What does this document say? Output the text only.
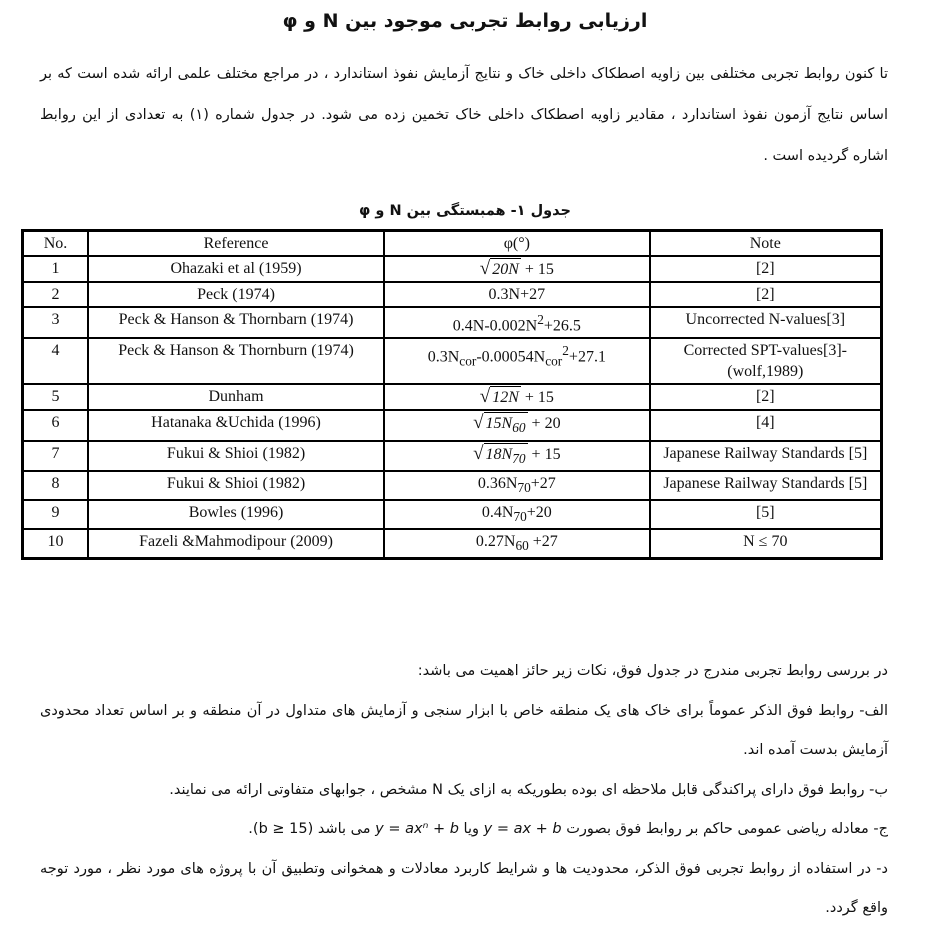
ارزیابی روابط تجربی موجود بین N و φ
تا کنون روابط تجربی مختلفی بین زاویه اصطکاک داخلی خاک و نتایج آزمایش نفوذ استاندارد ، در مراجع مختلف علمی ارائه شده است که بر اساس نتایج آزمون نفوذ استاندارد ، مقادیر زاویه اصطکاک داخلی خاک تخمین زده می شود. در جدول شماره (۱) به تعدادی از این روابط اشاره گردیده است .
جدول ۱- همبستگی بین N و φ
No.	Reference	φ(°)	Note
1	Ohazaki et al (1959)	√ 20N + 15	[2]
2	Peck (1974)	0.3N+27	[2]
3	Peck & Hanson & Thornbarn (1974)	$0.4N-0.002N^2+26.5$	Uncorrected N-values[3]
4	Peck & Hanson & Thornburn (1974)	$0.3N_{cor}-0.00054N_{cor}^2+27.1$	Corrected SPT-values[3]-(wolf,1989)
5	Dunham	√ 12N + 15	[2]
6	Hatanaka &Uchida (1996)	√ $15N_{60} + 20$	[4]
7	Fukui & Shioi (1982)	√ $18N_{70} + 15$	Japanese Railway Standards [5]
8	Fukui & Shioi (1982)	$0.36N_{70}+27$	Japanese Railway Standards [5]
9	Bowles (1996)	$0.4N_{70}+20$	[5]
10	Fazeli &Mahmodipour (2009)	$0.27N_{60} +27$	N ≤ 70
در بررسی روابط تجربی مندرج در جدول فوق، نکات زیر حائز اهمیت می باشد:
الف- روابط فوق الذکر عموماً برای خاک های یک منطقه خاص با ابزار سنجی و آزمایش های متداول در آن منطقه و بر اساس تعداد محدودی آزمایش بدست آمده اند.
ب- روابط فوق دارای پراکندگی قابل ملاحظه ای بوده بطوریکه به ازای یک N مشخص ، جوابهای متفاوتی ارائه می نمایند.
ج- معادله ریاضی عمومی حاکم بر روابط فوق بصورت y = ax + b ویا y = axⁿ + b می باشد (b ≥ 15).
د- در استفاده از روابط تجربی فوق الذکر، محدودیت ها و شرایط کاربرد معادلات و همخوانی وتطبیق آن با پروژه های مورد نظر ، مورد توجه واقع گردد.
